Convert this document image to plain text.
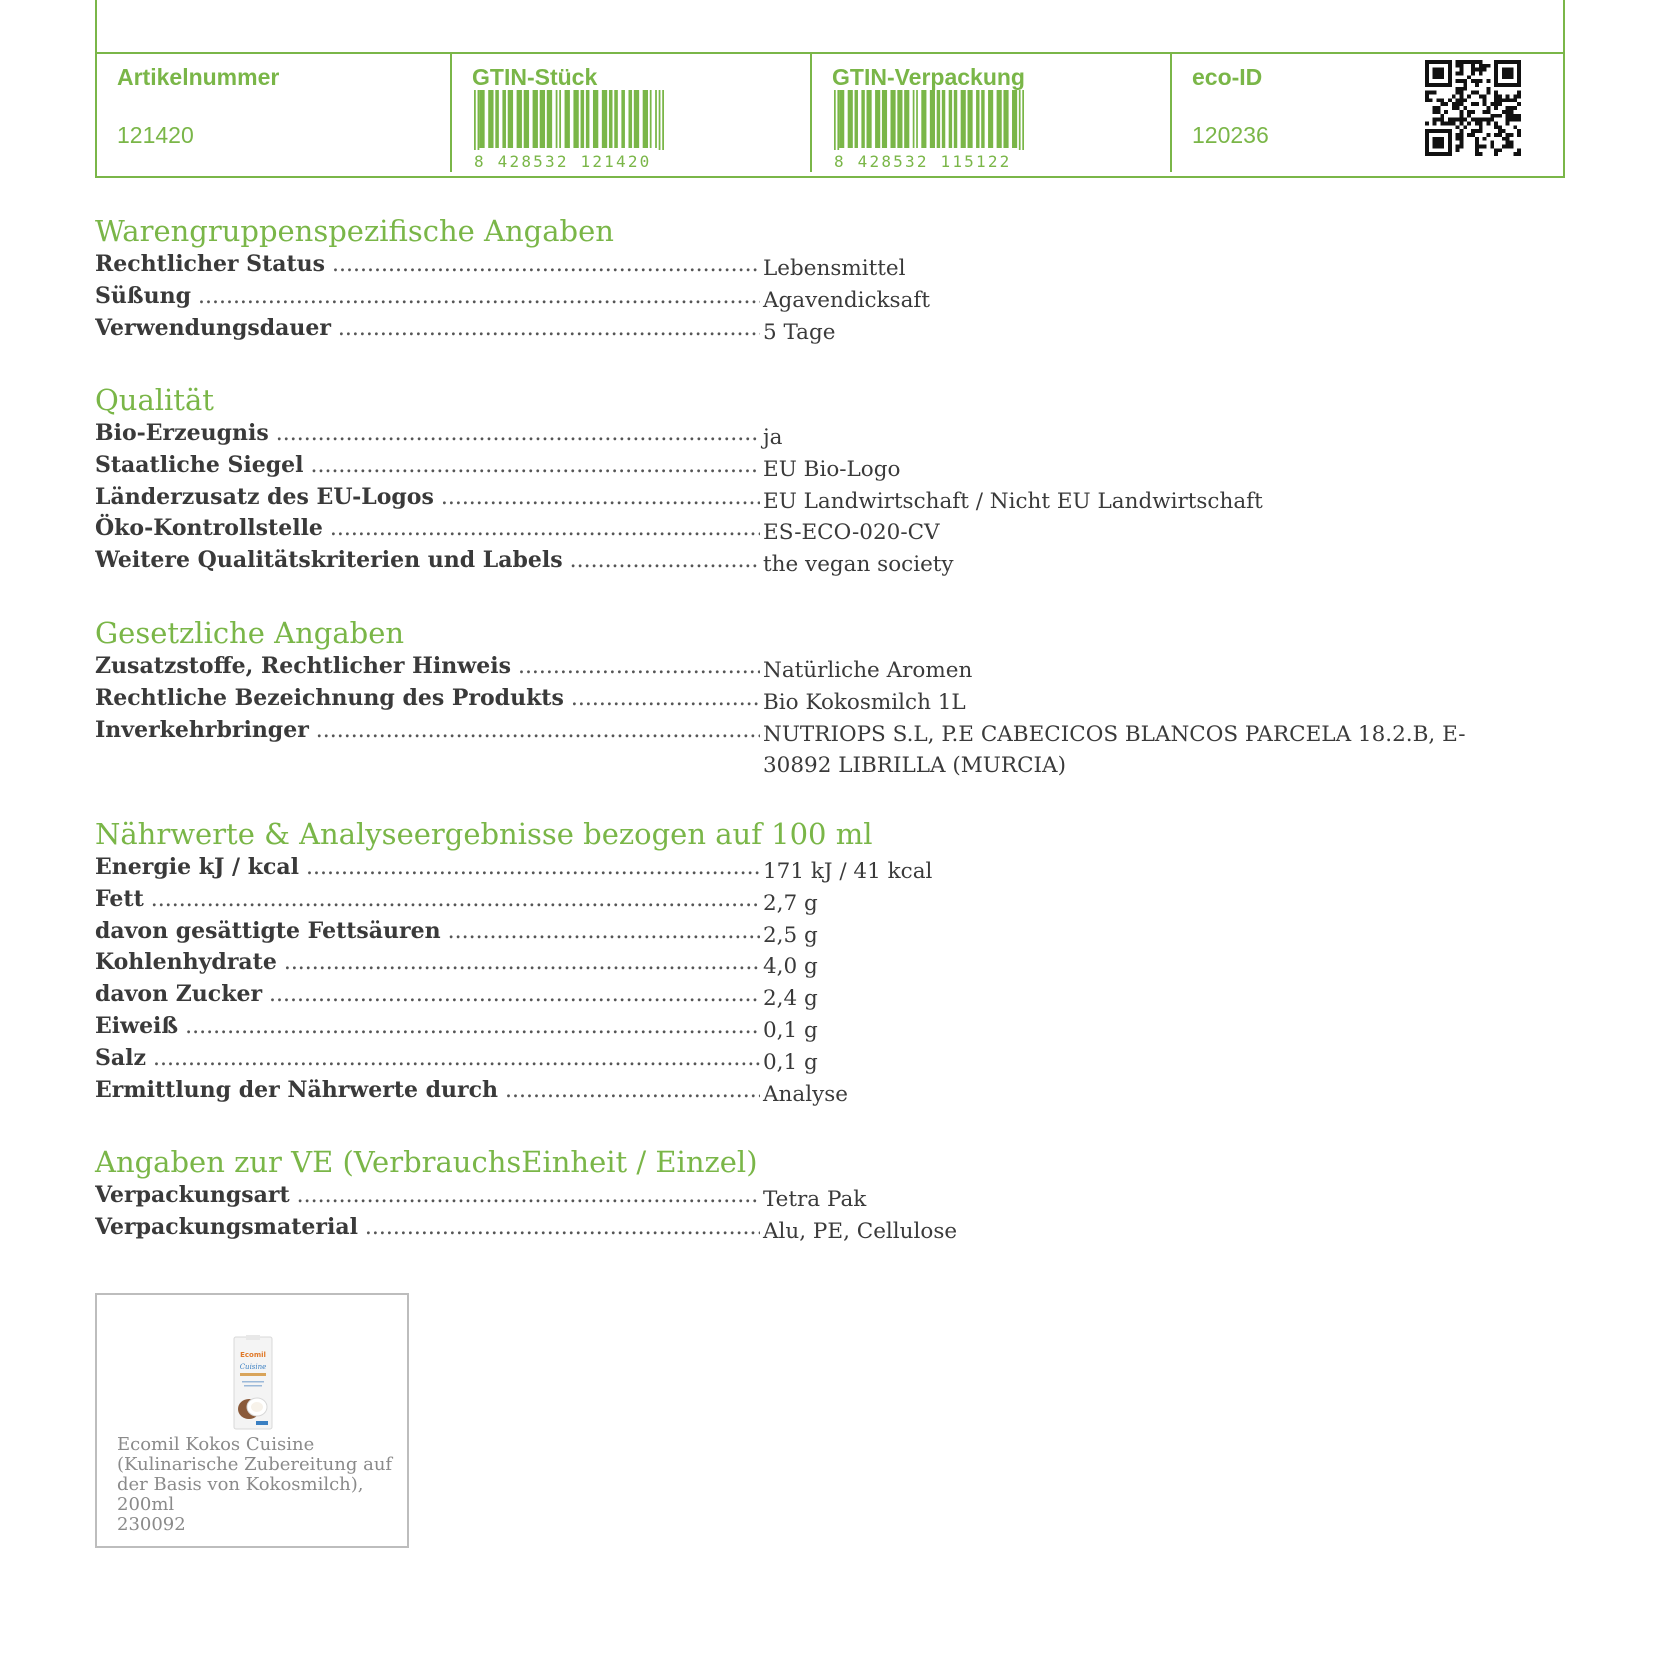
Artikelnummer
121420
GTIN-Stück
8 428532 121420
GTIN-Verpackung
8 428532 115122
eco-ID
120236
Warengruppenspezifische Angaben
Rechtlicher Status .....	Lebensmittel
Süßung .....	Agavendicksaft
Verwendungsdauer .....	5 Tage
Qualität
Bio-Erzeugnis .....	ja
Staatliche Siegel .....	EU Bio-Logo
Länderzusatz des EU-Logos .....	EU Landwirtschaft / Nicht EU Landwirtschaft
Öko-Kontrollstelle .....	ES-ECO-020-CV
Weitere Qualitätskriterien und Labels .....	the vegan society
Gesetzliche Angaben
Zusatzstoffe, Rechtlicher Hinweis .....	Natürliche Aromen
Rechtliche Bezeichnung des Produkts .....	Bio Kokosmilch 1L
Inverkehrbringer .....	NUTRIOPS S.L, P.E CABECICOS BLANCOS PARCELA 18.2.B, E-30892 LIBRILLA (MURCIA)
Nährwerte & Analyseergebnisse bezogen auf 100 ml
Energie kJ / kcal .....	171 kJ / 41 kcal
Fett .....	2,7 g
davon gesättigte Fettsäuren .....	2,5 g
Kohlenhydrate .....	4,0 g
davon Zucker .....	2,4 g
Eiweiß .....	0,1 g
Salz .....	0,1 g
Ermittlung der Nährwerte durch .....	Analyse
Angaben zur VE (VerbrauchsEinheit / Einzel)
Verpackungsart .....	Tetra Pak
Verpackungsmaterial .....	Alu, PE, Cellulose
Ecomil
Cuisine
Ecomil Kokos Cuisine (Kulinarische Zubereitung auf der Basis von Kokosmilch), 200ml
230092
